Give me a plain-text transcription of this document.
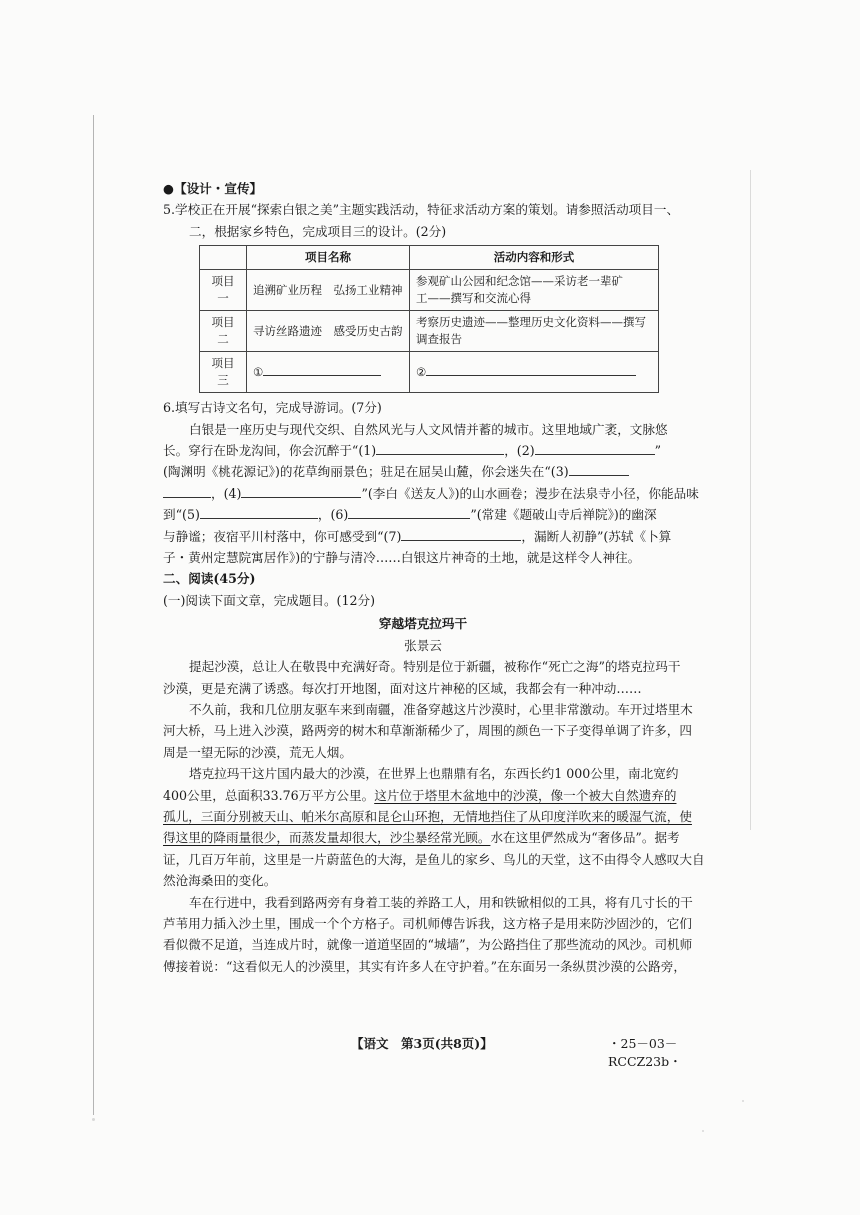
●【设计・宣传】
5.学校正在开展“探索白银之美”主题实践活动，特征求活动方案的策划。请参照活动项目一、
二，根据家乡特色，完成项目三的设计。(2分)
	项目名称	活动内容和形式
项目一	追溯矿业历程　弘扬工业精神	参观矿山公园和纪念馆——采访老一辈矿
工——撰写和交流心得

项目二	寻访丝路遗迹　感受历史古韵	考察历史遗迹——整理历史文化资料——撰写
调查报告

项目三	①	②
6.填写古诗文名句，完成导游词。(7分)
白银是一座历史与现代交织、自然风光与人文风情并蓄的城市。这里地域广袤，文脉悠
长。穿行在卧龙沟间，你会沉醉于“(1)	，(2)	”
(陶渊明《桃花源记》)的花草绚丽景色；驻足在屈吴山麓，你会迷失在“(3)
，(4)	”(李白《送友人》)的山水画卷；漫步在法泉寺小径，你能品味
到“(5)	，(6)	”(常建《题破山寺后禅院》)的幽深
与静谧；夜宿平川村落中，你可感受到“(7)	，漏断人初静”(苏轼《卜算
子・黄州定慧院寓居作》)的宁静与清冷……白银这片神奇的土地，就是这样令人神往。
二、阅读(45分)
(一)阅读下面文章，完成题目。(12分)
穿越塔克拉玛干
张景云
提起沙漠，总让人在敬畏中充满好奇。特别是位于新疆，被称作“死亡之海”的塔克拉玛干
沙漠，更是充满了诱惑。每次打开地图，面对这片神秘的区域，我都会有一种冲动……
不久前，我和几位朋友驱车来到南疆，准备穿越这片沙漠时，心里非常激动。车开过塔里木
河大桥，马上进入沙漠，路两旁的树木和草渐渐稀少了，周围的颜色一下子变得单调了许多，四
周是一望无际的沙漠，荒无人烟。
塔克拉玛干这片国内最大的沙漠，在世界上也鼎鼎有名，东西长约1 000公里，南北宽约
400公里，总面积33.76万平方公里。这片位于塔里木盆地中的沙漠，像一个被大自然遗弃的
孤儿，三面分别被天山、帕米尔高原和昆仑山环抱，无情地挡住了从印度洋吹来的暖湿气流，使
得这里的降雨量很少，而蒸发量却很大，沙尘暴经常光顾。水在这里俨然成为“奢侈品”。据考
证，几百万年前，这里是一片蔚蓝色的大海，是鱼儿的家乡、鸟儿的天堂，这不由得令人感叹大自
然沧海桑田的变化。
车在行进中，我看到路两旁有身着工装的养路工人，用和铁锨相似的工具，将有几寸长的干
芦苇用力插入沙土里，围成一个个方格子。司机师傅告诉我，这方格子是用来防沙固沙的，它们
看似微不足道，当连成片时，就像一道道坚固的“城墙”，为公路挡住了那些流动的风沙。司机师
傅接着说：“这看似无人的沙漠里，其实有许多人在守护着。”在东面另一条纵贯沙漠的公路旁，
【语文　第3页(共8页)】	・25－03－RCCZ23b・
